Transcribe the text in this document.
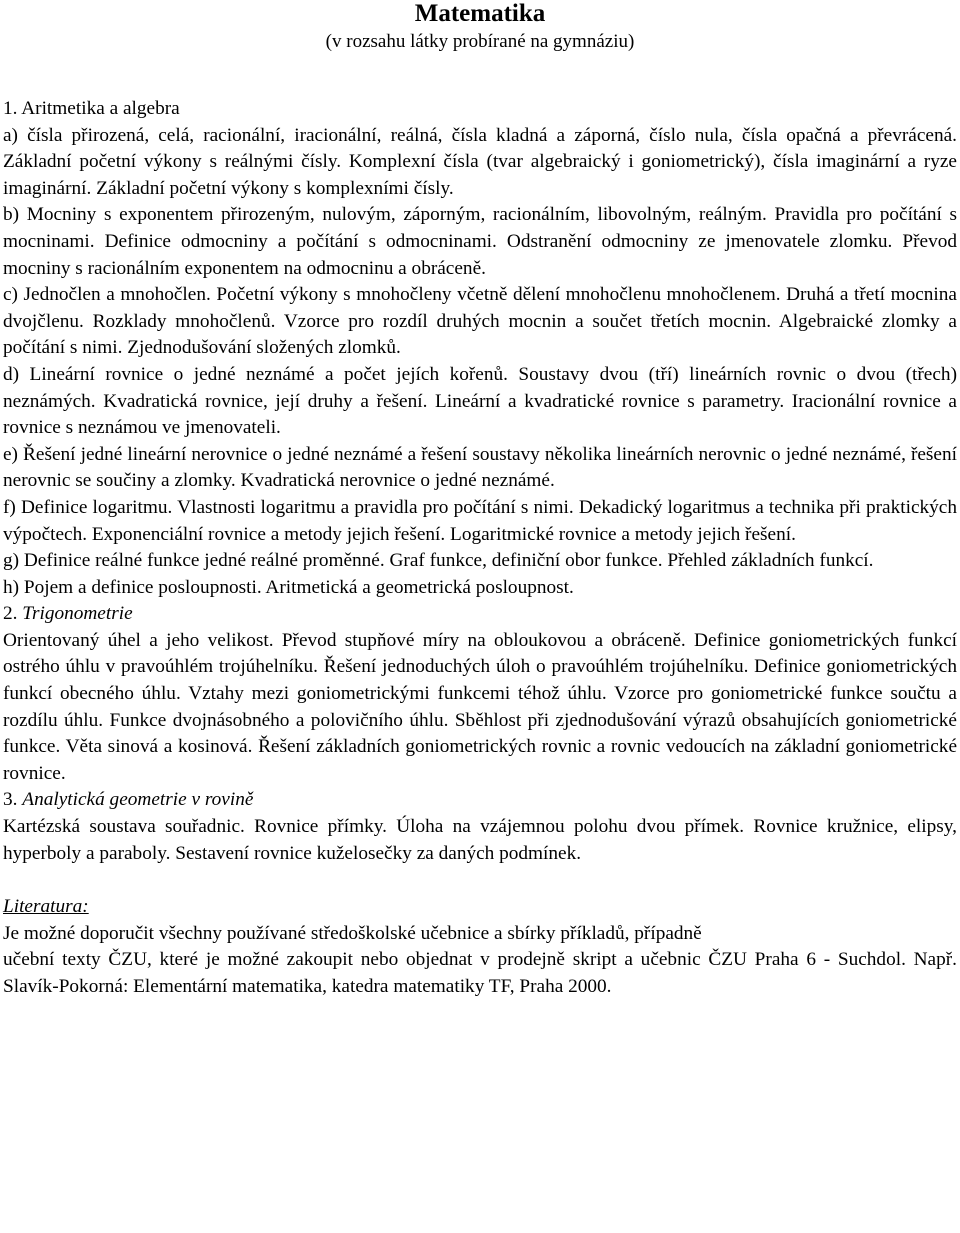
Matematika
(v rozsahu látky probírané na gymnáziu)
1. Aritmetika a algebra

a) čísla přirozená, celá, racionální, iracionální, reálná, čísla kladná a záporná, číslo nula, čísla opačná a převrácená. Základní početní výkony s reálnými čísly. Komplexní čísla (tvar algebraický i goniometrický), čísla imaginární a ryze imaginární. Základní početní výkony s komplexními čísly.

b) Mocniny s exponentem přirozeným, nulovým, záporným, racionálním, libovolným, reálným. Pravidla pro počítání s mocninami. Definice odmocniny a počítání s odmocninami. Odstranění odmocniny ze jmenovatele zlomku. Převod mocniny s racionálním exponentem na odmocninu a obráceně.

c) Jednočlen a mnohočlen. Početní výkony s mnohočleny včetně dělení mnohočlenu mnohočlenem. Druhá a třetí mocnina dvojčlenu. Rozklady mnohočlenů. Vzorce pro rozdíl druhých mocnin a součet třetích mocnin. Algebraické zlomky a počítání s nimi. Zjednodušování složených zlomků.

d) Lineární rovnice o jedné neznámé a počet jejích kořenů. Soustavy dvou (tří) lineárních rovnic o dvou (třech) neznámých. Kvadratická rovnice, její druhy a řešení. Lineární a kvadratické rovnice s parametry. Iracionální rovnice a rovnice s neznámou ve jmenovateli.

e) Řešení jedné lineární nerovnice o jedné neznámé a řešení soustavy několika lineárních nerovnic o jedné neznámé, řešení nerovnic se součiny a zlomky. Kvadratická nerovnice o jedné neznámé.

f) Definice logaritmu. Vlastnosti logaritmu a pravidla pro počítání s nimi. Dekadický logaritmus a technika při praktických výpočtech. Exponenciální rovnice a metody jejich řešení. Logaritmické rovnice a metody jejich řešení.

g) Definice reálné funkce jedné reálné proměnné. Graf funkce, definiční obor funkce. Přehled základních funkcí.

h) Pojem a definice posloupnosti. Aritmetická a geometrická posloupnost.

2. Trigonometrie

Orientovaný úhel a jeho velikost. Převod stupňové míry na obloukovou a obráceně. Definice goniometrických funkcí ostrého úhlu v pravoúhlém trojúhelníku. Řešení jednoduchých úloh o pravoúhlém trojúhelníku. Definice goniometrických funkcí obecného úhlu. Vztahy mezi goniometrickými funkcemi téhož úhlu. Vzorce pro goniometrické funkce součtu a rozdílu úhlu. Funkce dvojnásobného a polovičního úhlu. Sběhlost při zjednodušování výrazů obsahujících goniometrické funkce. Věta sinová a kosinová. Řešení základních goniometrických rovnic a rovnic vedoucích na základní goniometrické rovnice.

3. Analytická geometrie v rovině

Kartézská soustava souřadnic. Rovnice přímky. Úloha na vzájemnou polohu dvou přímek. Rovnice kružnice, elipsy, hyperboly a paraboly. Sestavení rovnice kuželosečky za daných podmínek.

Literatura:

Je možné doporučit všechny používané středoškolské učebnice a sbírky příkladů, případně

učební texty ČZU, které je možné zakoupit nebo objednat v prodejně skript a učebnic ČZU Praha 6 - Suchdol. Např. Slavík-Pokorná: Elementární matematika, katedra matematiky TF, Praha 2000.
